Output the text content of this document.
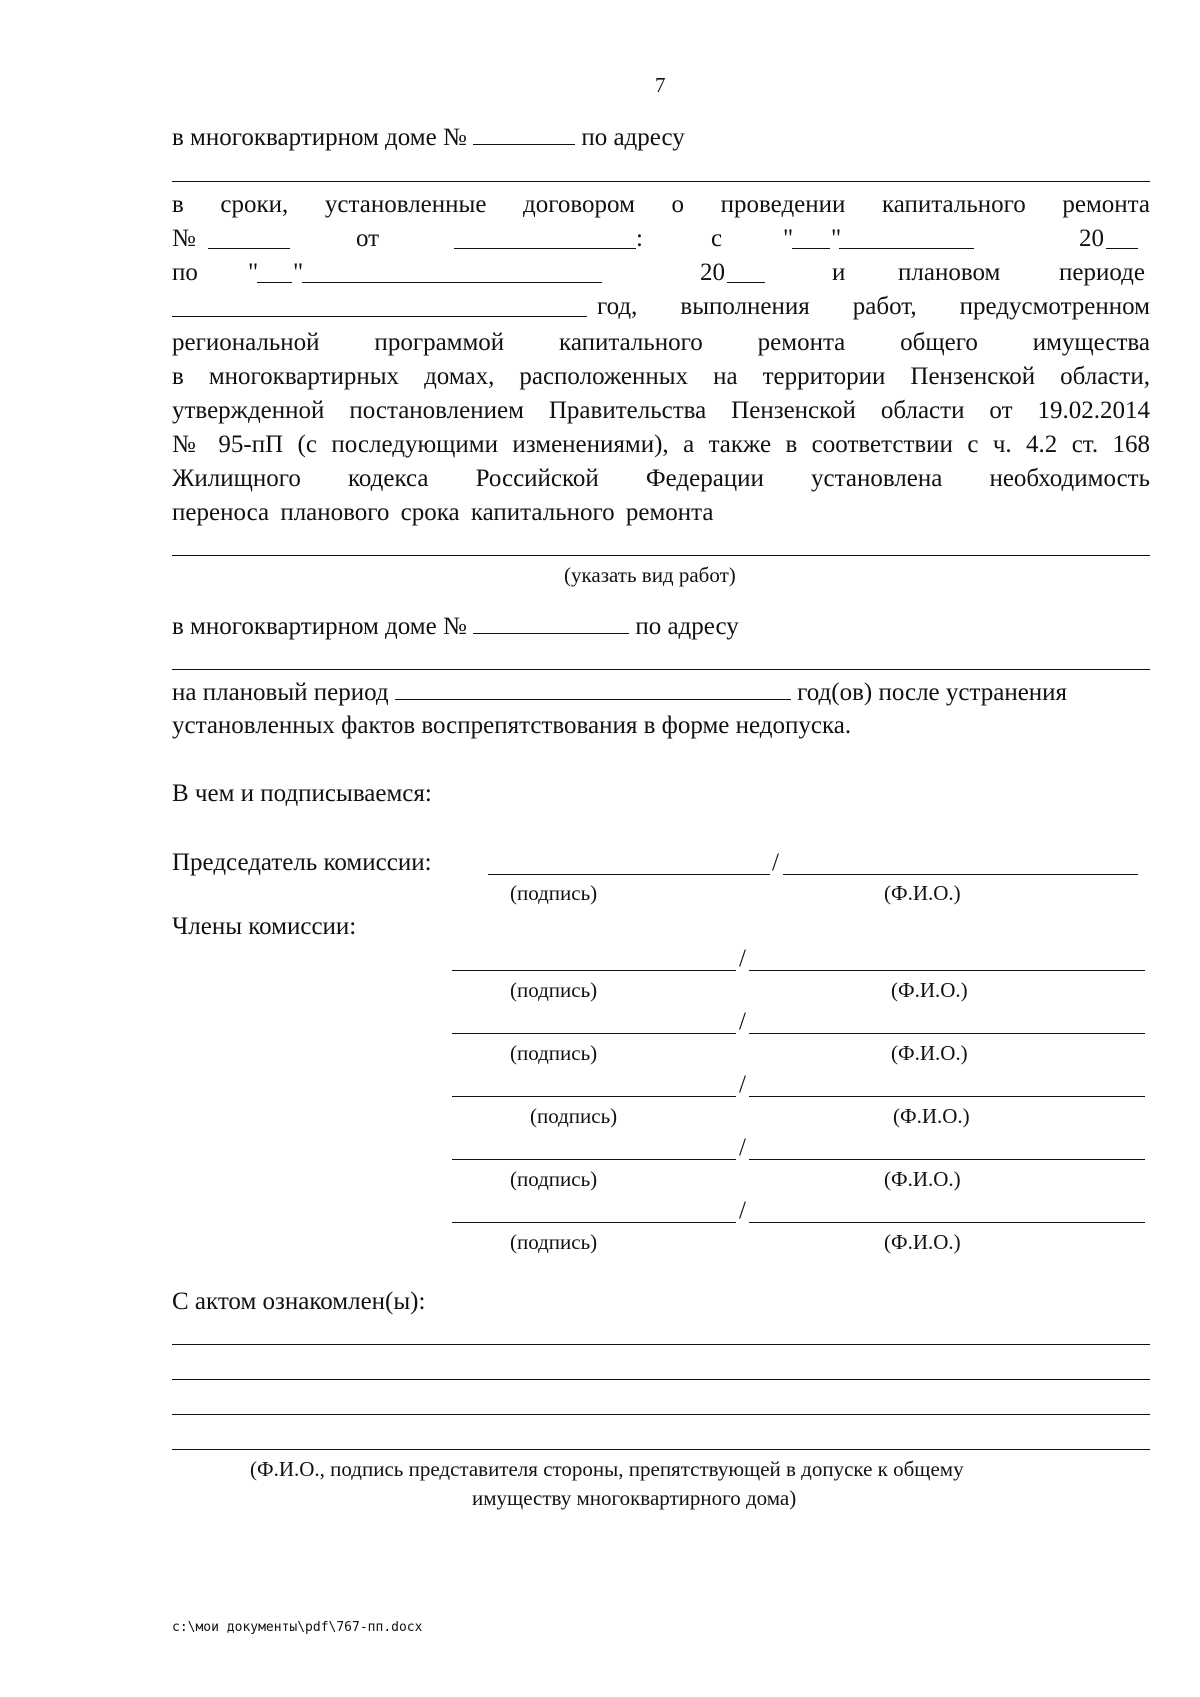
7
в многоквартирном доме №	по адресу
в сроки, установленные договором о проведении капитального ремонта
№	от	:	с " "	20
по " "	20	и плановом периоде
год, выполнения работ, предусмотренном
региональной программой капитального ремонта общего имущества
в многоквартирных домах, расположенных на территории Пензенской области,
утвержденной постановлением Правительства Пензенской области от 19.02.2014
№ 95-пП (с последующими изменениями), а также в соответствии с ч. 4.2 ст. 168
Жилищного кодекса Российской Федерации установлена необходимость
переноса планового срока капитального ремонта
(указать вид работ)
в многоквартирном доме №	по адресу
на плановый период	год(ов) после устранения
установленных фактов воспрепятствования в форме недопуска.
В чем и подписываемся:
Председатель комиссии:	/
(подпись)	(Ф.И.О.)
Члены комиссии:
/
(подпись)	(Ф.И.О.)
/
(подпись)	(Ф.И.О.)
/
(подпись)	(Ф.И.О.)
/
(подпись)	(Ф.И.О.)
/
(подпись)	(Ф.И.О.)
С актом ознакомлен(ы):
(Ф.И.О., подпись представителя стороны, препятствующей в допуске к общему
имуществу многоквартирного дома)
c:\мои документы\pdf\767-пп.docx
